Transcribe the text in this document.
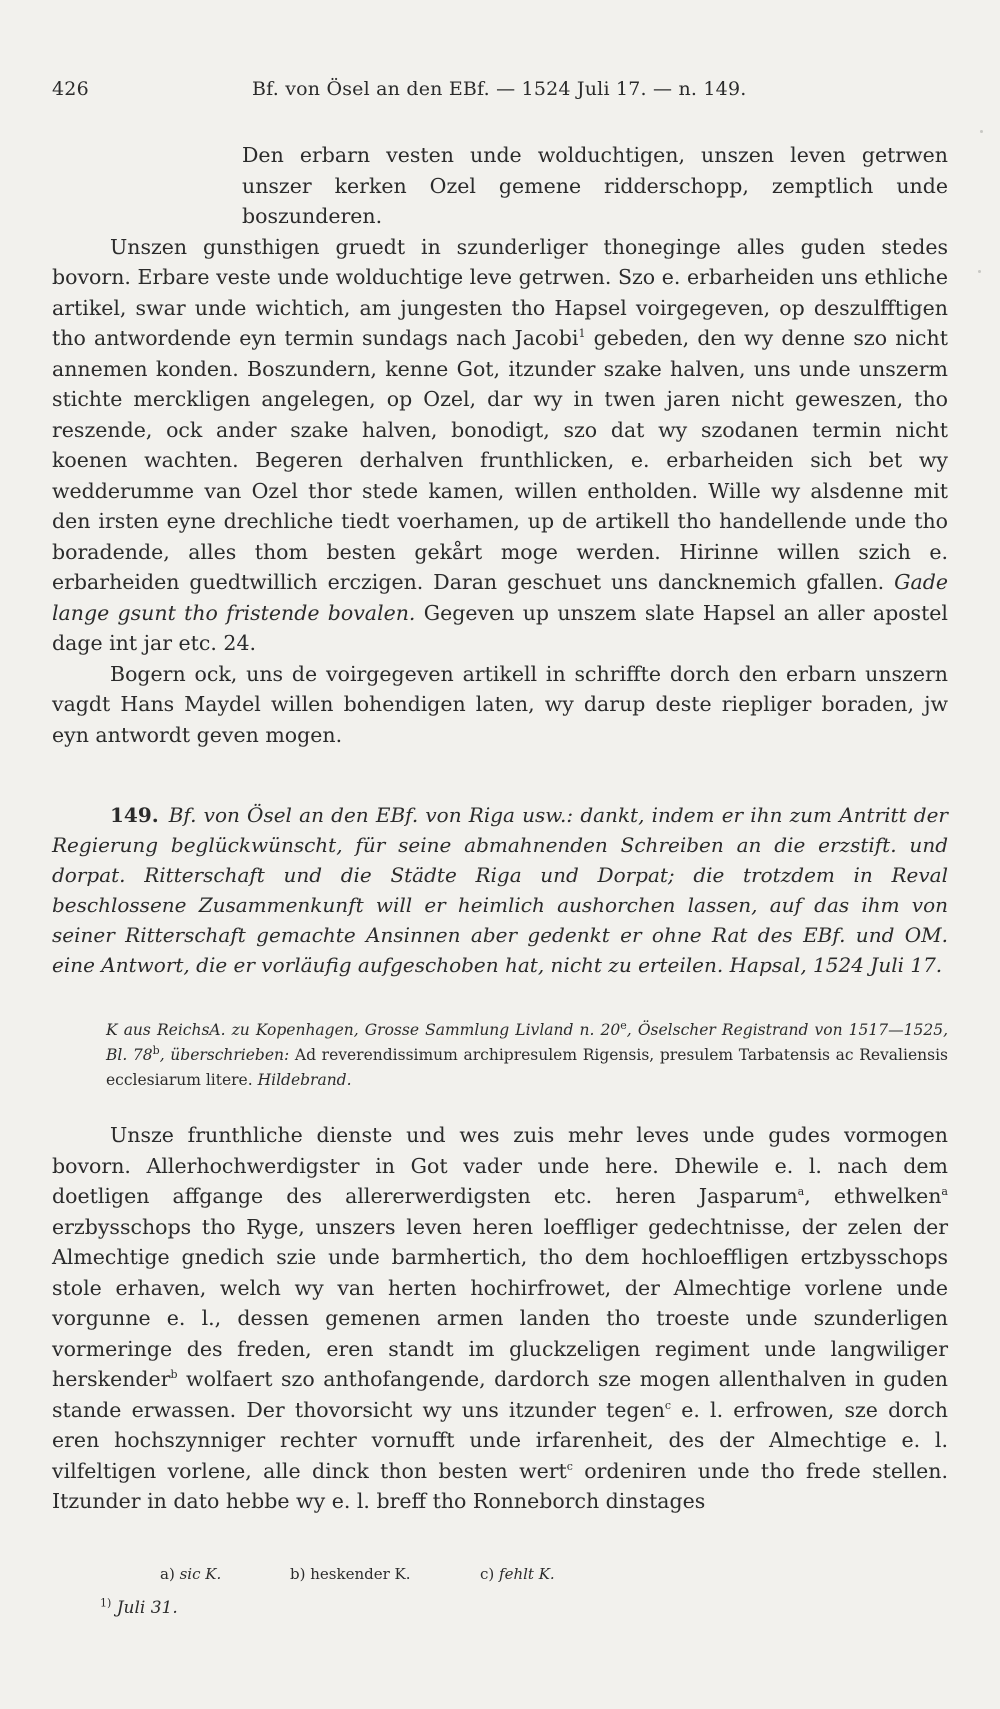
426	Bf. von Ösel an den EBf. — 1524 Juli 17. — n. 149.
Den erbarn vesten unde wolduchtigen, unszen leven getrwen unszer kerken Ozel gemene ridderschopp, zemptlich unde boszunderen.

Unszen gunsthigen gruedt in szunderliger thoneginge alles guden stedes bovorn. Erbare veste unde wolduchtige leve getrwen. Szo e. erbarheiden uns ethliche artikel, swar unde wichtich, am jungesten tho Hapsel voirgegeven, op deszulfftigen tho antwordende eyn termin sundags nach Jacobi$^1$ gebeden, den wy denne szo nicht annemen konden. Boszundern, kenne Got, itzunder szake halven, uns unde unszerm stichte merckligen angelegen, op Ozel, dar wy in twen jaren nicht geweszen, tho reszende, ock ander szake halven, bonodigt, szo dat wy szodanen termin nicht koenen wachten. Begeren derhalven frunthlicken, e. erbarheiden sich bet wy wedderumme van Ozel thor stede kamen, willen entholden. Wille wy alsdenne mit den irsten eyne drechliche tiedt voerhamen, up de artikell tho handellende unde tho boradende, alles thom besten gekårt moge werden. Hirinne willen szich e. erbarheiden guedtwillich erczigen. Daran geschuet uns dancknemich gfallen. Gade lange gsunt tho fristende bovalen. Gegeven up unszem slate Hapsel an aller apostel dage int jar etc. 24.

Bogern ock, uns de voirgegeven artikell in schriffte dorch den erbarn unszern vagdt Hans Maydel willen bohendigen laten, wy darup deste riepliger boraden, jw eyn antwordt geven mogen.

149. Bf. von Ösel an den EBf. von Riga usw.: dankt, indem er ihn zum Antritt der Regierung beglückwünscht, für seine abmahnenden Schreiben an die erzstift. und dorpat. Ritterschaft und die Städte Riga und Dorpat; die trotzdem in Reval beschlossene Zusammenkunft will er heimlich aushorchen lassen, auf das ihm von seiner Ritterschaft gemachte Ansinnen aber gedenkt er ohne Rat des EBf. und OM. eine Antwort, die er vorläufig aufgeschoben hat, nicht zu erteilen. Hapsal, 1524 Juli 17.

K aus ReichsA. zu Kopenhagen, Grosse Sammlung Livland n. 20e, Öselscher Registrand von 1517—1525, Bl. 78$^b$, überschrieben: Ad reverendissimum archipresulem Rigensis, presulem Tarbatensis ac Revaliensis ecclesiarum litere. Hildebrand.

Unsze frunthliche dienste und wes zuis mehr leves unde gudes vormogen bovorn. Allerhochwerdigster in Got vader unde here. Dhewile e. l. nach dem doetligen affgange des allererwerdigsten etc. heren Jasparum$^a$, ethwelken$^a$ erzbysschops tho Ryge, unszers leven heren loeffliger gedechtnisse, der zelen der Almechtige gnedich szie unde barmhertich, tho dem hochloeffligen ertzbysschops stole erhaven, welch wy van herten hochirfrowet, der Almechtige vorlene unde vorgunne e. l., dessen gemenen armen landen tho troeste unde szunderligen vormeringe des freden, eren standt im gluckzeligen regiment unde langwiliger herskender$^b$ wolfaert szo anthofangende, dardorch sze mogen allenthalven in guden stande erwassen. Der thovorsicht wy uns itzunder tegen$^c$ e. l. erfrowen, sze dorch eren hochszynniger rechter vornufft unde irfarenheit, des der Almechtige e. l. vilfeltigen vorlene, alle dinck thon besten wert$^c$ ordeniren unde tho frede stellen. Itzunder in dato hebbe wy e. l. breff tho Ronneborch dinstages

a) sic K.	b) heskender K.	c) fehlt K.
$^{1)}$ Juli 31.
